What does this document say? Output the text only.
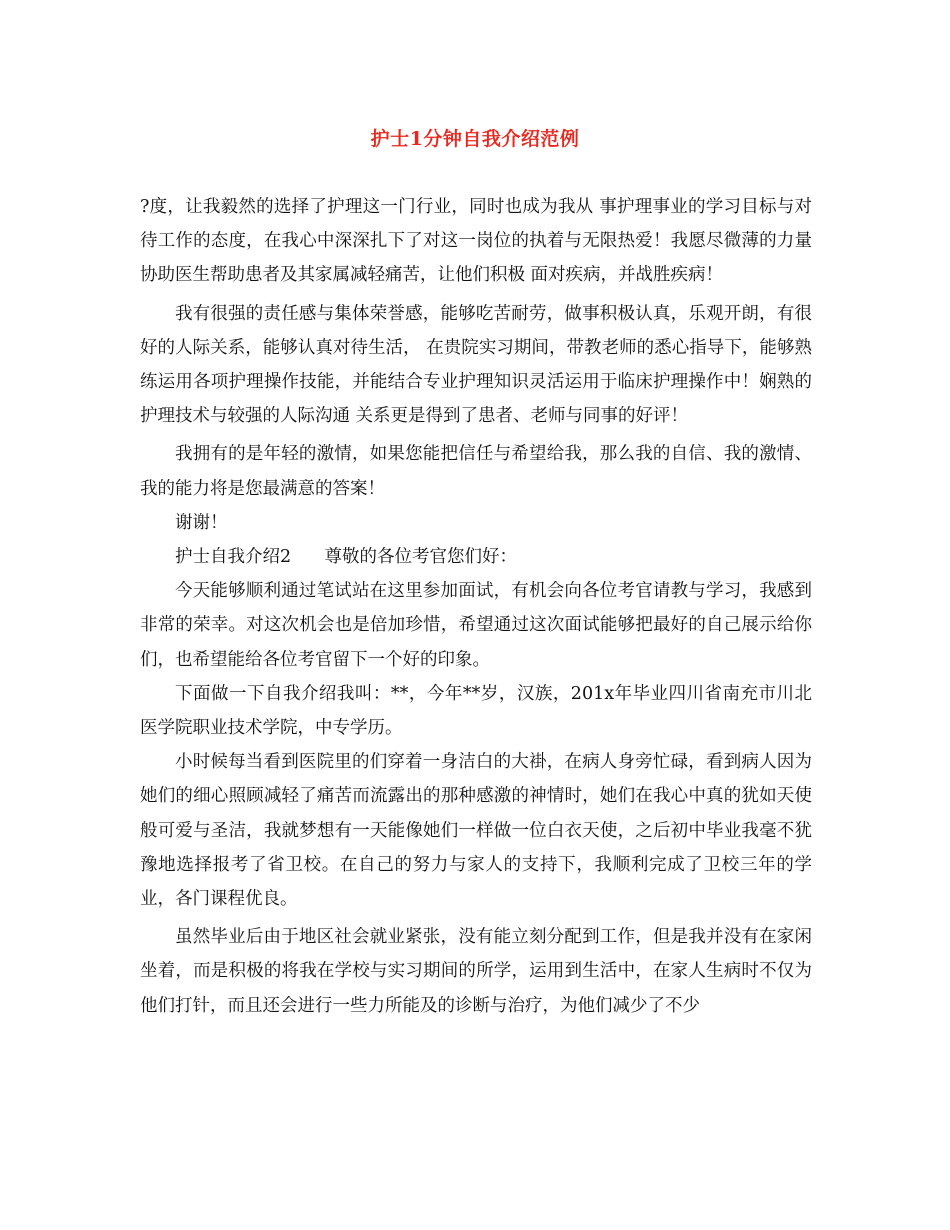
护士1分钟自我介绍范例

?度，让我毅然的选择了护理这一门行业，同时也成为我从 事护理事业的学习目标与对待工作的态度，在我心中深深扎下了对这一岗位的执着与无限热爱！我愿尽微薄的力量协助医生帮助患者及其家属减轻痛苦，让他们积极 面对疾病，并战胜疾病！

我有很强的责任感与集体荣誉感，能够吃苦耐劳，做事积极认真，乐观开朗，有很好的人际关系，能够认真对待生活， 在贵院实习期间，带教老师的悉心指导下，能够熟练运用各项护理操作技能，并能结合专业护理知识灵活运用于临床护理操作中！娴熟的护理技术与较强的人际沟通 关系更是得到了患者、老师与同事的好评！

我拥有的是年轻的激情，如果您能把信任与希望给我，那么我的自信、我的激情、我的能力将是您最满意的答案！

谢谢！

护士自我介绍2      尊敬的各位考官您们好：

今天能够顺利通过笔试站在这里参加面试，有机会向各位考官请教与学习，我感到非常的荣幸。对这次机会也是倍加珍惜，希望通过这次面试能够把最好的自己展示给你们，也希望能给各位考官留下一个好的印象。

下面做一下自我介绍我叫：**，今年**岁，汉族，201x年毕业四川省南充市川北医学院职业技术学院，中专学历。

小时候每当看到医院里的们穿着一身洁白的大褂，在病人身旁忙碌，看到病人因为她们的细心照顾减轻了痛苦而流露出的那种感激的神情时，她们在我心中真的犹如天使般可爱与圣洁，我就梦想有一天能像她们一样做一位白衣天使，之后初中毕业我毫不犹豫地选择报考了省卫校。在自己的努力与家人的支持下，我顺利完成了卫校三年的学业，各门课程优良。

虽然毕业后由于地区社会就业紧张，没有能立刻分配到工作，但是我并没有在家闲坐着，而是积极的将我在学校与实习期间的所学，运用到生活中，在家人生病时不仅为他们打针，而且还会进行一些力所能及的诊断与治疗，为他们减少了不少
